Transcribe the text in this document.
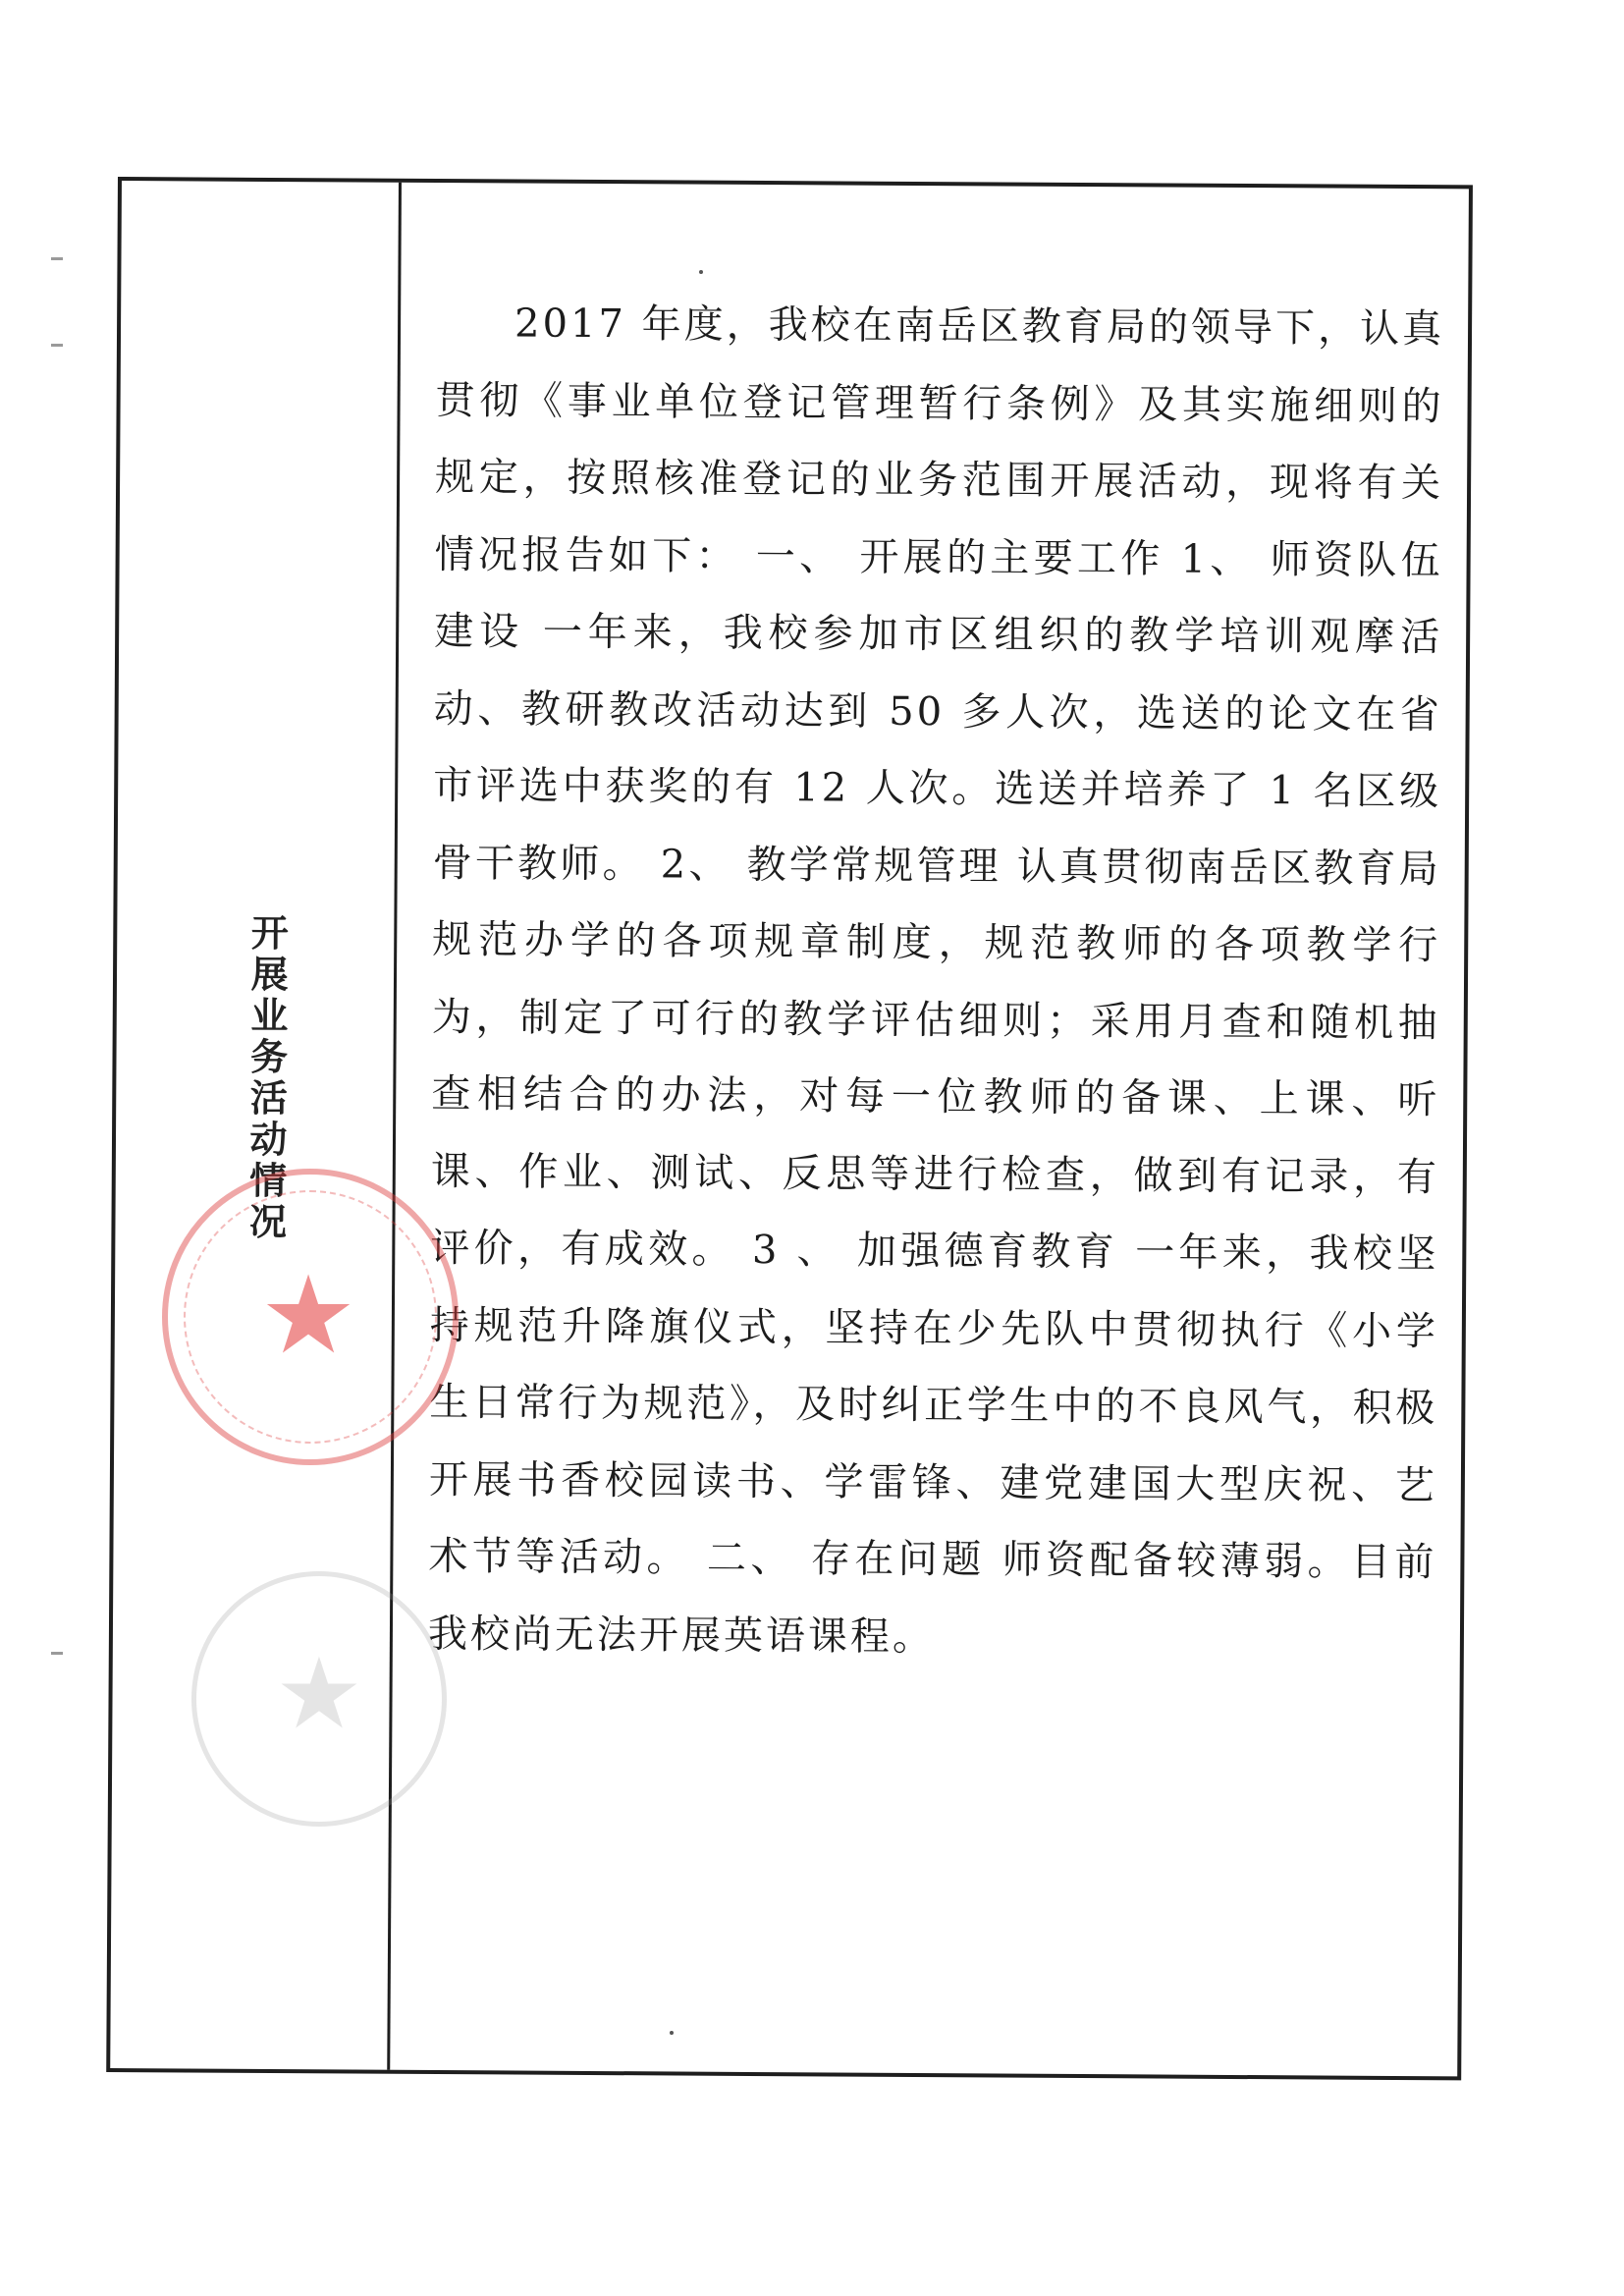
开展业务活动情况

2017 年度，我校在南岳区教育局的领导下，认真贯彻《事业单位登记管理暂行条例》及其实施细则的规定，按照核准登记的业务范围开展活动，现将有关情况报告如下： 一、 开展的主要工作 1、 师资队伍建设 一年来，我校参加市区组织的教学培训观摩活动、教研教改活动达到 50 多人次，选送的论文在省市评选中获奖的有 12 人次。选送并培养了 1 名区级骨干教师。 2、 教学常规管理 认真贯彻南岳区教育局规范办学的各项规章制度，规范教师的各项教学行为，制定了可行的教学评估细则；采用月查和随机抽查相结合的办法，对每一位教师的备课、上课、听课、作业、测试、反思等进行检查，做到有记录，有评价，有成效。 3 、 加强德育教育 一年来，我校坚持规范升降旗仪式，坚持在少先队中贯彻执行《小学生日常行为规范》，及时纠正学生中的不良风气，积极开展书香校园读书、学雷锋、建党建国大型庆祝、艺术节等活动。 二、 存在问题 师资配备较薄弱。目前我校尚无法开展英语课程。

★
★
